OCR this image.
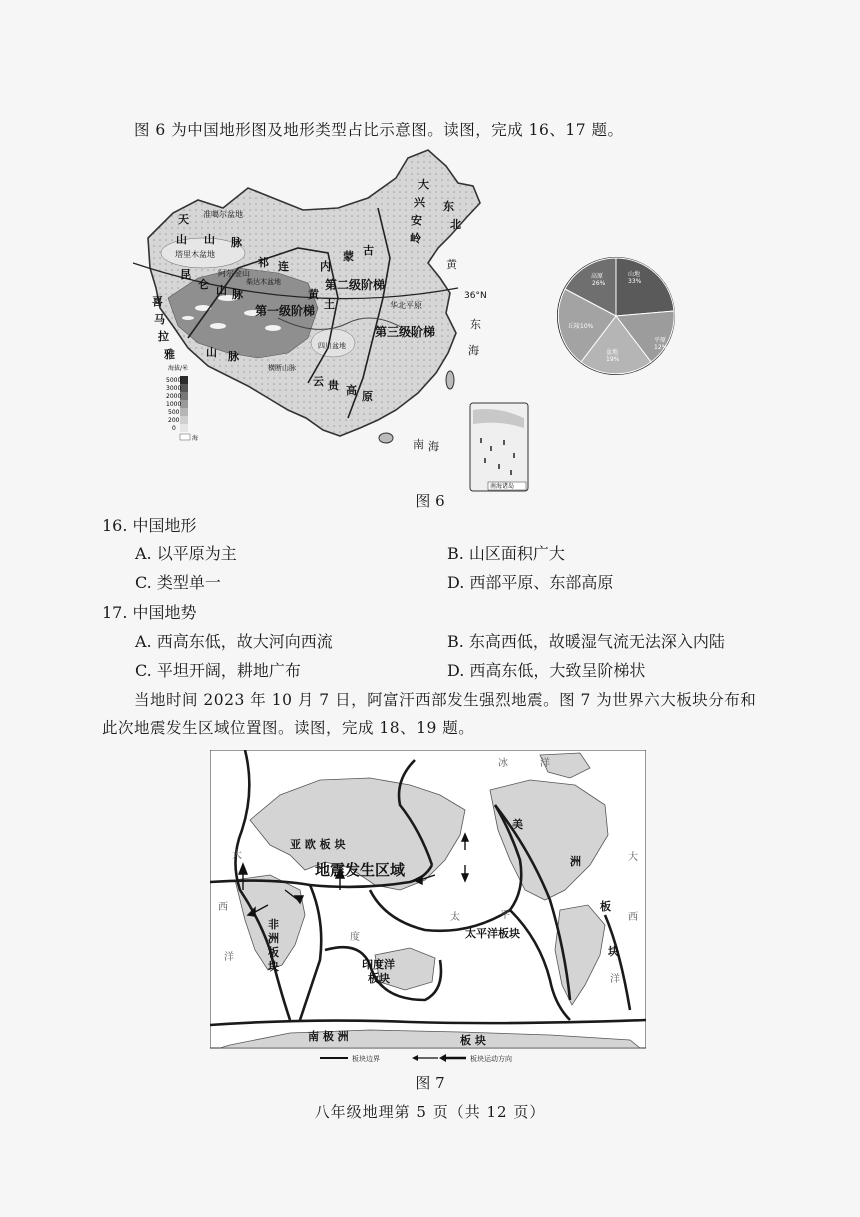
图 6 为中国地形图及地形类型占比示意图。读图，完成 16、17 题。
天
山 山 脉
准噶尔盆地
塔里木盆地
阿尔金山
柴达木盆地
昆
仑 山 脉
祁 连
喜
马
拉
雅	山 脉
第一级阶梯
第二级阶梯
第三级阶梯
36°N
内
蒙 古
黄
土
四川盆地
云 贵 高 原
横断山脉
大
兴
安
岭
东
北
华北平原
黄
东
海
南 海
海拔/米
5000
3000
2000
1000
500
200
0
海
南海诸岛
高原
26%
山地
33%
平原
12%
盆地
19%
丘陵 10%
图 6
16. 中国地形
A. 以平原为主	B. 山区面积广大
C. 类型单一	D. 西部平原、东部高原
17. 中国地势
A. 西高东低，故大河向西流	B. 东高西低，故暖湿气流无法深入内陆
C. 平坦开阔，耕地广布	D. 西高东低，大致呈阶梯状
当地时间 2023 年 10 月 7 日，阿富汗西部发生强烈地震。图 7 为世界六大板块分布和
此次地震发生区域位置图。读图，完成 18、19 题。
亚 欧 板 块
地震发生区域
非
洲
板
块	印度洋
板块
太平洋板块
美
洲
板
块
南 极 洲	板 块
冰	洋
大
西
洋
太	平
度
大
西
洋
板块边界	板块运动方向
图 7
八年级地理第 5 页（共 12 页）
